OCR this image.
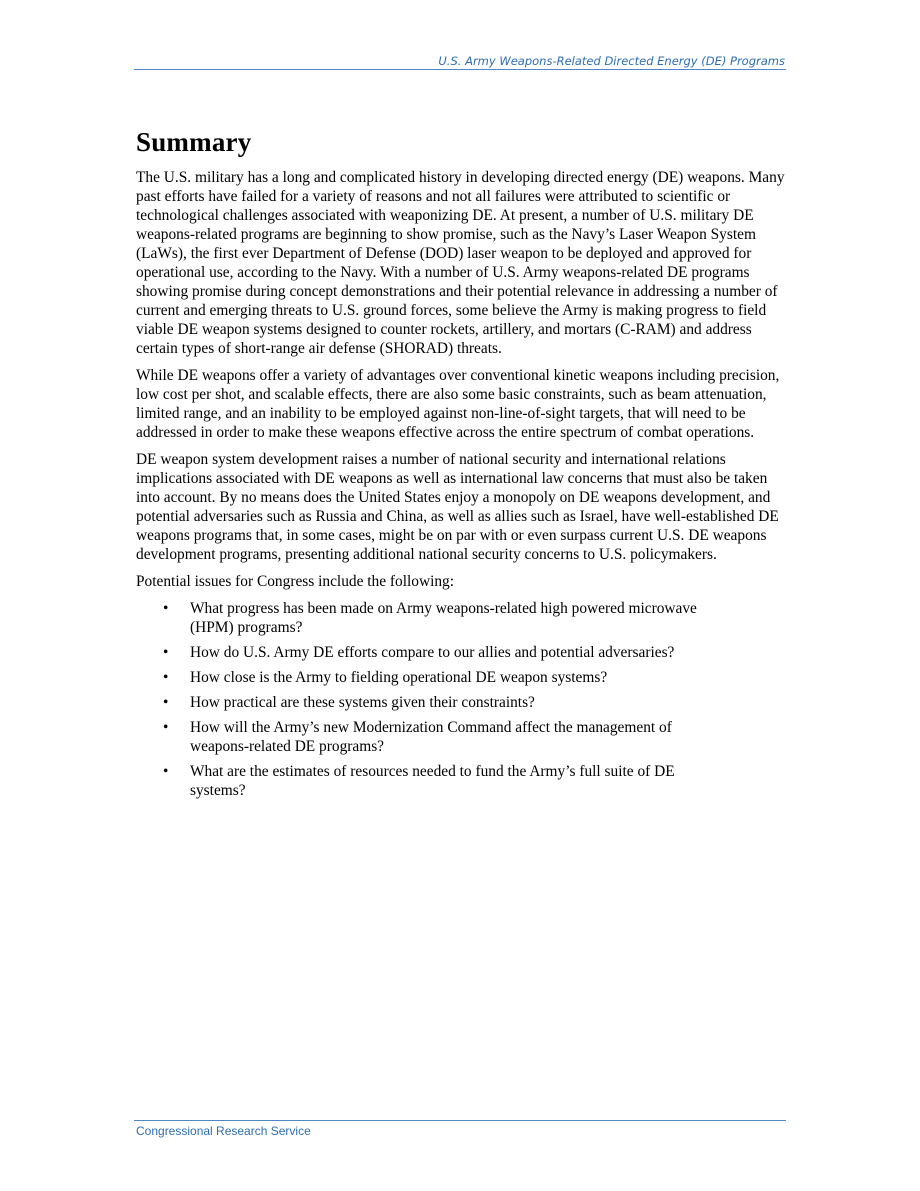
U.S. Army Weapons-Related Directed Energy (DE) Programs
Summary

The U.S. military has a long and complicated history in developing directed energy (DE) weapons. Many past efforts have failed for a variety of reasons and not all failures were attributed to scientific or technological challenges associated with weaponizing DE. At present, a number of U.S. military DE weapons-related programs are beginning to show promise, such as the Navy’s Laser Weapon System (LaWs), the first ever Department of Defense (DOD) laser weapon to be deployed and approved for operational use, according to the Navy. With a number of U.S. Army weapons-related DE programs showing promise during concept demonstrations and their potential relevance in addressing a number of current and emerging threats to U.S. ground forces, some believe the Army is making progress to field viable DE weapon systems designed to counter rockets, artillery, and mortars (C-RAM) and address certain types of short-range air defense (SHORAD) threats.

While DE weapons offer a variety of advantages over conventional kinetic weapons including precision, low cost per shot, and scalable effects, there are also some basic constraints, such as beam attenuation, limited range, and an inability to be employed against non-line-of-sight targets, that will need to be addressed in order to make these weapons effective across the entire spectrum of combat operations.

DE weapon system development raises a number of national security and international relations implications associated with DE weapons as well as international law concerns that must also be taken into account. By no means does the United States enjoy a monopoly on DE weapons development, and potential adversaries such as Russia and China, as well as allies such as Israel, have well-established DE weapons programs that, in some cases, might be on par with or even surpass current U.S. DE weapons development programs, presenting additional national security concerns to U.S. policymakers.

Potential issues for Congress include the following:

• What progress has been made on Army weapons-related high powered microwave (HPM) programs?
• How do U.S. Army DE efforts compare to our allies and potential adversaries?
• How close is the Army to fielding operational DE weapon systems?
• How practical are these systems given their constraints?
• How will the Army’s new Modernization Command affect the management of weapons-related DE programs?
• What are the estimates of resources needed to fund the Army’s full suite of DE systems?
Congressional Research Service
